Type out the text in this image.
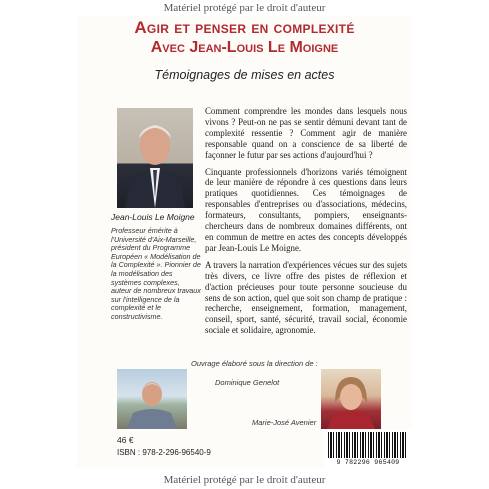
Matériel protégé par le droit d'auteur
Agir et penser en complexité
Avec Jean-Louis Le Moigne
Témoignages de mises en actes
Jean-Louis Le Moigne
Professeur émérite à l'Université d'Aix-Marseille, président du Programme Européen « Modélisation de la Complexité ». Pionnier de la modélisation des systèmes complexes, auteur de nombreux travaux sur l'intelligence de la complexité et le constructivisme.

Comment comprendre les mondes dans lesquels nous vivons ? Peut-on ne pas se sentir démuni devant tant de complexité ressentie ? Comment agir de manière responsable quand on a conscience de sa liberté de façonner le futur par ses actions d'aujourd'hui ?

Cinquante professionnels d'horizons variés témoignent de leur manière de répondre à ces questions dans leurs pratiques quotidiennes. Ces témoignages de responsables d'entreprises ou d'associations, médecins, formateurs, consultants, pompiers, enseignants-chercheurs dans de nombreux domaines différents, ont en commun de mettre en actes des concepts développés par Jean-Louis Le Moigne.

A travers la narration d'expériences vécues sur des sujets très divers, ce livre offre des pistes de réflexion et d'action précieuses pour toute personne soucieuse du sens de son action, quel que soit son champ de pratique : recherche, enseignement, formation, management, conseil, sport, santé, sécurité, travail social, économie sociale et solidaire, agronomie.

Ouvrage élaboré sous la direction de :
Dominique Genelot
Marie-José Avenier
46 €
ISBN : 978-2-296-96540-9
9 782296 965409
Matériel protégé par le droit d'auteur
